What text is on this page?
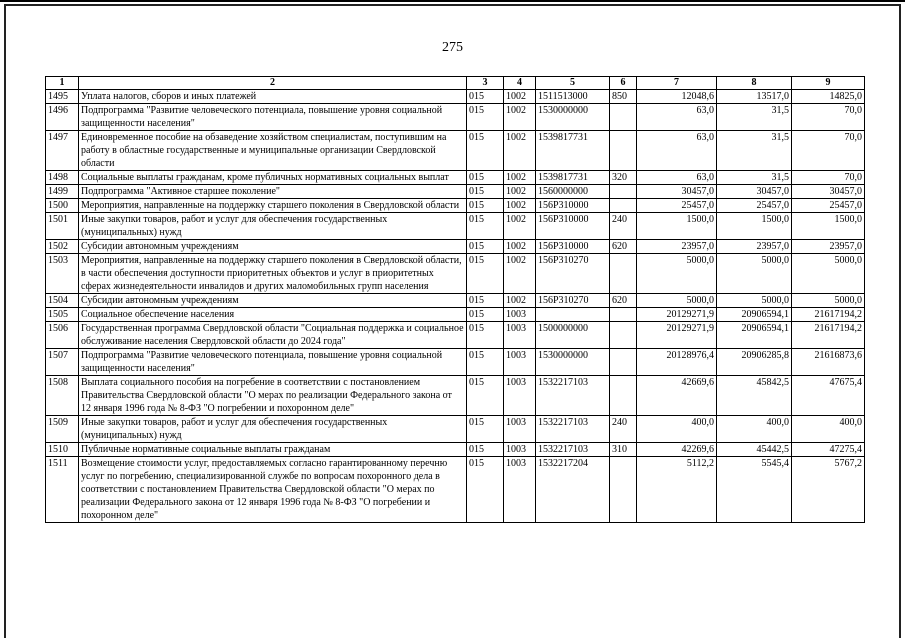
275
1	2	3	4	5	6	7	8	9
1495	Уплата налогов, сборов и иных платежей	015	1002	1511513000	850	12048,6	13517,0	14825,0
1496	Подпрограмма "Развитие человеческого потенциала, повышение уровня социальной защищенности населения"	015	1002	1530000000		63,0	31,5	70,0
1497	Единовременное пособие на обзаведение хозяйством специалистам, поступившим на работу в областные государственные и муниципальные организации Свердловской области	015	1002	1539817731		63,0	31,5	70,0
1498	Социальные выплаты гражданам, кроме публичных нормативных социальных выплат	015	1002	1539817731	320	63,0	31,5	70,0
1499	Подпрограмма "Активное старшее поколение"	015	1002	1560000000		30457,0	30457,0	30457,0
1500	Мероприятия, направленные на поддержку старшего поколения в Свердловской области	015	1002	156Р310000		25457,0	25457,0	25457,0
1501	Иные закупки товаров, работ и услуг для обеспечения государственных (муниципальных) нужд	015	1002	156Р310000	240	1500,0	1500,0	1500,0
1502	Субсидии автономным учреждениям	015	1002	156Р310000	620	23957,0	23957,0	23957,0
1503	Мероприятия, направленные на поддержку старшего поколения в Свердловской области, в части обеспечения доступности приоритетных объектов и услуг в приоритетных сферах жизнедеятельности инвалидов и других маломобильных групп населения	015	1002	156Р310270		5000,0	5000,0	5000,0
1504	Субсидии автономным учреждениям	015	1002	156Р310270	620	5000,0	5000,0	5000,0
1505	Социальное обеспечение населения	015	1003			20129271,9	20906594,1	21617194,2
1506	Государственная программа Свердловской области "Социальная поддержка и социальное обслуживание населения Свердловской области до 2024 года"	015	1003	1500000000		20129271,9	20906594,1	21617194,2
1507	Подпрограмма "Развитие человеческого потенциала, повышение уровня социальной защищенности населения"	015	1003	1530000000		20128976,4	20906285,8	21616873,6
1508	Выплата социального пособия на погребение в соответствии с постановлением Правительства Свердловской области "О мерах по реализации Федерального закона от 12 января 1996 года № 8-ФЗ "О погребении и похоронном деле"	015	1003	1532217103		42669,6	45842,5	47675,4
1509	Иные закупки товаров, работ и услуг для обеспечения государственных (муниципальных) нужд	015	1003	1532217103	240	400,0	400,0	400,0
1510	Публичные нормативные социальные выплаты гражданам	015	1003	1532217103	310	42269,6	45442,5	47275,4
1511	Возмещение стоимости услуг, предоставляемых согласно гарантированному перечню услуг по погребению, специализированной службе по вопросам похоронного дела в соответствии с постановлением Правительства Свердловской области "О мерах по реализации Федерального закона от 12 января 1996 года № 8-ФЗ "О погребении и похоронном деле"	015	1003	1532217204		5112,2	5545,4	5767,2
